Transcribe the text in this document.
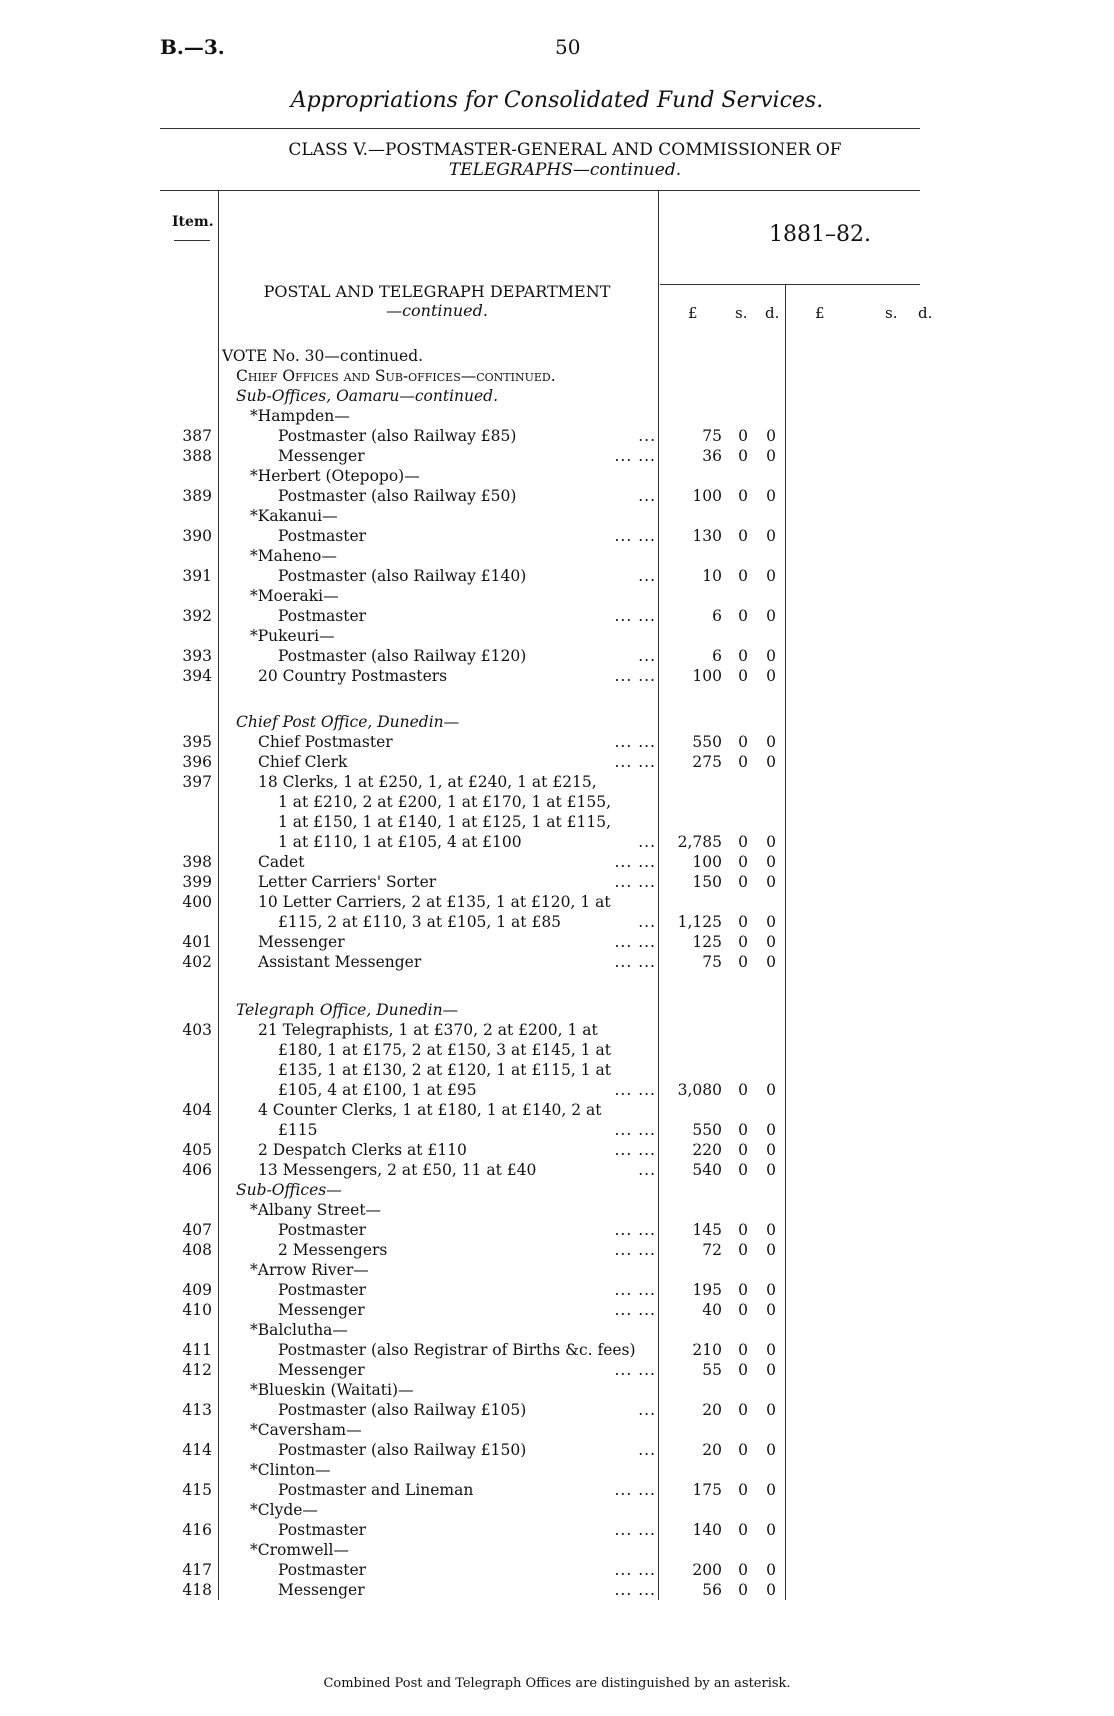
B.—3.	50
Appropriations for Consolidated Fund Services.
CLASS V.—POSTMASTER-GENERAL AND COMMISSIONER OF
TELEGRAPHS—continued.
Item.	1881–82.
POSTAL AND TELEGRAPH DEPARTMENT
—continued.	£ s. d. £	s. d.
VOTE No. 30—continued.
Chief Offices and Sub-offices—continued.
Sub-Offices, Oamaru—continued.
*Hampden—
387	Postmaster (also Railway £85)	...	75 0 0
388	Messenger	... ...	36 0 0
*Herbert (Otepopo)—
389	Postmaster (also Railway £50)	...	100 0 0
*Kakanui—
390	Postmaster	... ...	130 0 0
*Maheno—
391	Postmaster (also Railway £140)	...	10 0 0
*Moeraki—
392	Postmaster	... ...	6 0 0
*Pukeuri—
393	Postmaster (also Railway £120)	...	6 0 0
394	20 Country Postmasters	... ...	100 0 0
Chief Post Office, Dunedin—
395	Chief Postmaster	... ...	550 0 0
396	Chief Clerk	... ...	275 0 0
397	18 Clerks, 1 at £250, 1, at £240, 1 at £215,
1 at £210, 2 at £200, 1 at £170, 1 at £155,
1 at £150, 1 at £140, 1 at £125, 1 at £115,
1 at £110, 1 at £105, 4 at £100	...	2,785 0 0
398	Cadet	... ...	100 0 0
399	Letter Carriers' Sorter	... ...	150 0 0
400	10 Letter Carriers, 2 at £135, 1 at £120, 1 at
£115, 2 at £110, 3 at £105, 1 at £85	...	1,125 0 0
401	Messenger	... ...	125 0 0
402	Assistant Messenger	... ...	75 0 0
Telegraph Office, Dunedin—
403	21 Telegraphists, 1 at £370, 2 at £200, 1 at
£180, 1 at £175, 2 at £150, 3 at £145, 1 at
£135, 1 at £130, 2 at £120, 1 at £115, 1 at
£105, 4 at £100, 1 at £95	... ...	3,080 0 0
404	4 Counter Clerks, 1 at £180, 1 at £140, 2 at
£115	... ...	550 0 0
405	2 Despatch Clerks at £110	... ...	220 0 0
406	13 Messengers, 2 at £50, 11 at £40	...	540 0 0
Sub-Offices—
*Albany Street—
407	Postmaster	... ...	145 0 0
408	2 Messengers	... ...	72 0 0
*Arrow River—
409	Postmaster	... ...	195 0 0
410	Messenger	... ...	40 0 0
*Balclutha—
411	Postmaster (also Registrar of Births &c. fees)	210 0 0
412	Messenger	... ...	55 0 0
*Blueskin (Waitati)—
413	Postmaster (also Railway £105)	...	20 0 0
*Caversham—
414	Postmaster (also Railway £150)	...	20 0 0
*Clinton—
415	Postmaster and Lineman	... ...	175 0 0
*Clyde—
416	Postmaster	... ...	140 0 0
*Cromwell—
417	Postmaster	... ...	200 0 0
418	Messenger	... ...	56 0 0
Combined Post and Telegraph Offices are distinguished by an asterisk.
